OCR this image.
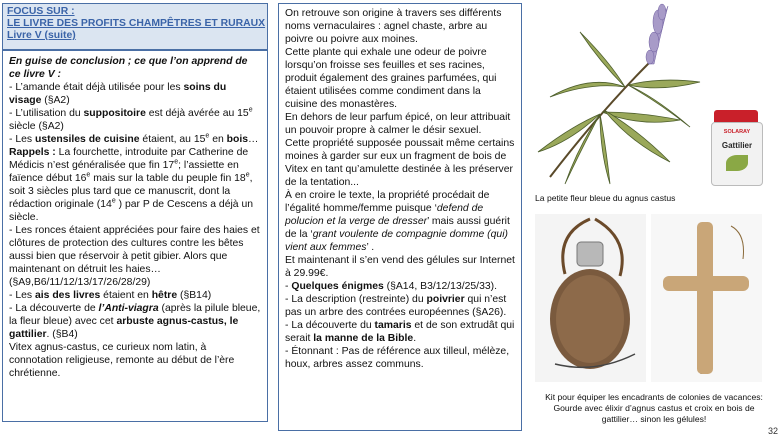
FOCUS SUR :
LE LIVRE DES PROFITS CHAMPÊTRES ET RURAUX
Livre V (suite)

En guise de conclusion ; ce que l’on apprend de ce livre V :

- L’amande était déjà utilisée pour les soins du visage (§A2)

- L’utilisation du suppositoire est déjà avérée au 15e siècle (§A2)

- Les ustensiles de cuisine étaient, au 15e en bois…

Rappels : La fourchette, introduite par Catherine de Médicis n’est généralisée que fin 17e; l’assiette en faïence début 16e mais sur la table du peuple fin 18e, soit 3 siècles plus tard que ce manuscrit, dont la rédaction originale (14e ) par P de Cescens a déjà un siècle.

- Les ronces étaient appréciées pour faire des haies et clôtures de protection des cultures contre les bêtes aussi bien que réservoir à petit gibier. Alors que maintenant on détruit les haies… (§A9,B6/11/12/13/17/26/28/29)

- Les ais des livres étaient en hêtre (§B14)

- La découverte de l’Anti-viagra (après la pilule bleue, la fleur bleue) avec cet arbuste agnus-castus, le gattilier. (§B4)

Vitex agnus-castus, ce curieux nom latin, à connotation religieuse, remonte au début de l’ère chrétienne.

On retrouve son origine à travers ses différents noms vernaculaires : agnel chaste, arbre au poivre ou poivre aux moines.

Cette plante qui exhale une odeur de poivre lorsqu’on froisse ses feuilles et ses racines, produit également des graines parfumées, qui étaient utilisées comme condiment dans la cuisine des monastères.

En dehors de leur parfum épicé, on leur attribuait un pouvoir propre à calmer le désir sexuel.

Cette propriété supposée poussait même certains moines à garder sur eux un fragment de bois de Vitex en tant qu’amulette destinée à les préserver de la tentation...

À en croire le texte, la propriété procédait de l’égalité homme/femme puisque ‘defend de polucion et la verge de dresser’ mais aussi guérit de la ‘grant voulente de compagnie domme (qui) vient aux femmes’ .

Et maintenant il s’en vend des gélules sur Internet à 29.99€.

- Quelques énigmes (§A14, B3/12/13/25/33).

- La description (restreinte) du poivrier qui n’est pas un arbre des contrées européennes (§A26).

- La découverte du tamaris et de son extrudât qui serait la manne de la Bible.

- Étonnant : Pas de référence aux tilleul, mélèze, houx, arbres assez communs.

SOLARAY
Gattilier
La petite fleur bleue du agnus castus
Kit pour équiper les encadrants de colonies de vacances: Gourde avec élixir d’agnus castus et croix en bois de gattilier… sinon les gélules!
32
